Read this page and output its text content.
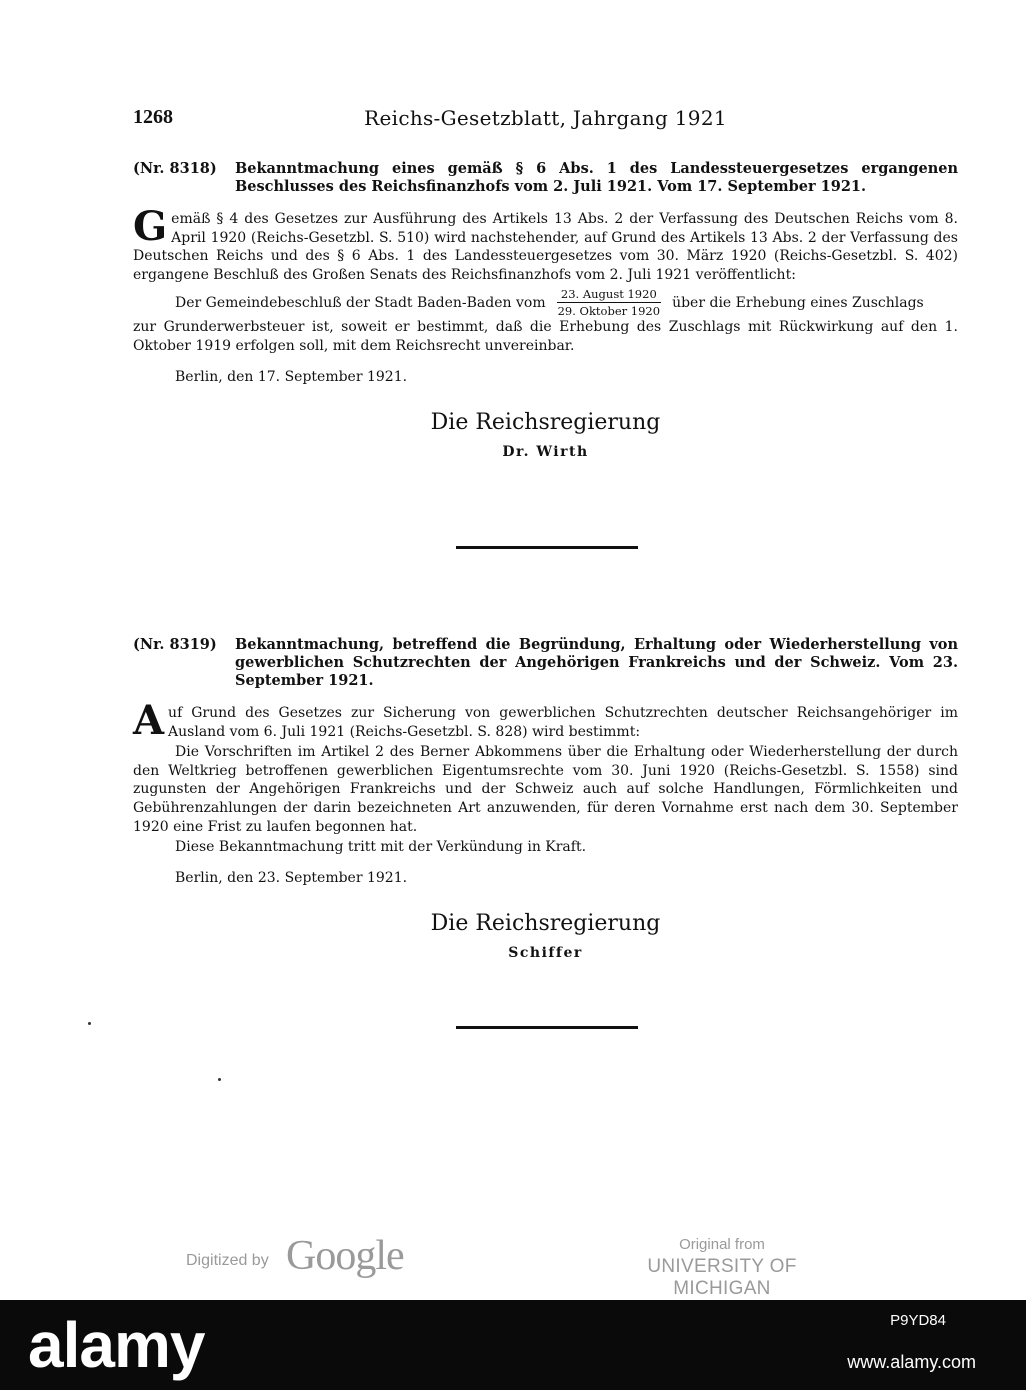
1268	Reichs-Gesetzblatt, Jahrgang 1921
(Nr. 8318)	Bekanntmachung eines gemäß § 6 Abs. 1 des Landessteuergesetzes ergangenen Beschlusses des Reichsfinanzhofs vom 2. Juli 1921. Vom 17. September 1921.

Gemäß § 4 des Gesetzes zur Ausführung des Artikels 13 Abs. 2 der Verfassung des Deutschen Reichs vom 8. April 1920 (Reichs-Gesetzbl. S. 510) wird nachstehender, auf Grund des Artikels 13 Abs. 2 der Verfassung des Deutschen Reichs und des § 6 Abs. 1 des Landessteuergesetzes vom 30. März 1920 (Reichs-Gesetzbl. S. 402) ergangene Beschluß des Großen Senats des Reichsfinanzhofs vom 2. Juli 1921 veröffentlicht:

Der Gemeindebeschluß der Stadt Baden-Baden vom $\frac{\text{23. August 1920}}{\text{29. Oktober 1920}}$ über die Erhebung eines Zuschlags

zur Grunderwerbsteuer ist, soweit er bestimmt, daß die Erhebung des Zuschlags mit Rückwirkung auf den 1. Oktober 1919 erfolgen soll, mit dem Reichsrecht unvereinbar.

Berlin, den 17. September 1921.
Die Reichsregierung
Dr. Wirth
(Nr. 8319)	Bekanntmachung, betreffend die Begründung, Erhaltung oder Wiederherstellung von gewerblichen Schutzrechten der Angehörigen Frankreichs und der Schweiz. Vom 23. September 1921.

Auf Grund des Gesetzes zur Sicherung von gewerblichen Schutzrechten deutscher Reichsangehöriger im Ausland vom 6. Juli 1921 (Reichs-Gesetzbl. S. 828) wird bestimmt:

Die Vorschriften im Artikel 2 des Berner Abkommens über die Erhaltung oder Wiederherstellung der durch den Weltkrieg betroffenen gewerblichen Eigentumsrechte vom 30. Juni 1920 (Reichs-Gesetzbl. S. 1558) sind zugunsten der Angehörigen Frankreichs und der Schweiz auch auf solche Handlungen, Förmlichkeiten und Gebührenzahlungen der darin bezeichneten Art anzuwenden, für deren Vornahme erst nach dem 30. September 1920 eine Frist zu laufen begonnen hat.

Diese Bekanntmachung tritt mit der Verkündung in Kraft.

Berlin, den 23. September 1921.
Die Reichsregierung
Schiffer
Digitized by Google	Original from
UNIVERSITY OF MICHIGAN
alamy	P9YD84
www.alamy.com
